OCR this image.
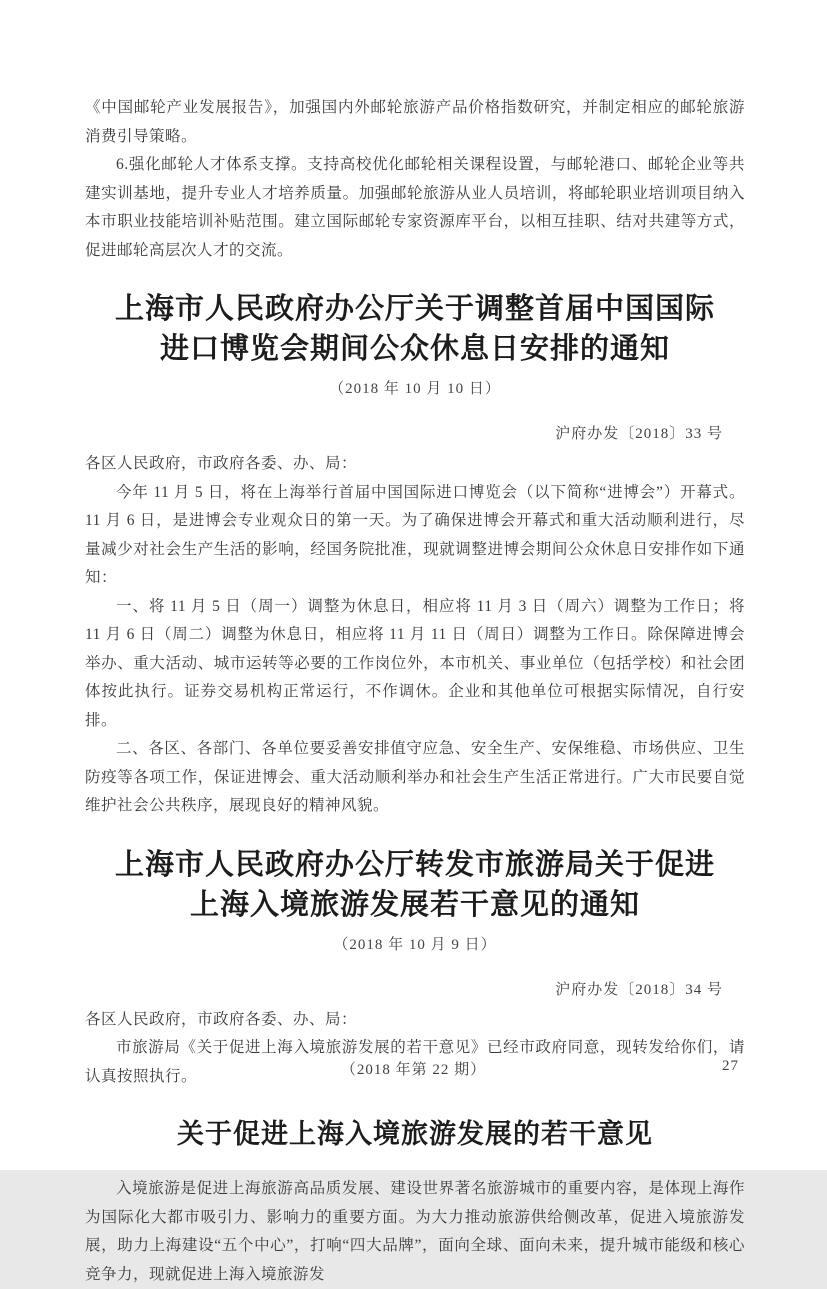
《中国邮轮产业发展报告》，加强国内外邮轮旅游产品价格指数研究，并制定相应的邮轮旅游消费引导策略。

6.强化邮轮人才体系支撑。支持高校优化邮轮相关课程设置，与邮轮港口、邮轮企业等共建实训基地，提升专业人才培养质量。加强邮轮旅游从业人员培训，将邮轮职业培训项目纳入本市职业技能培训补贴范围。建立国际邮轮专家资源库平台，以相互挂职、结对共建等方式，促进邮轮高层次人才的交流。

上海市人民政府办公厅关于调整首届中国国际
进口博览会期间公众休息日安排的通知

（2018 年 10 月 10 日）

沪府办发〔2018〕33 号

各区人民政府，市政府各委、办、局：

今年 11 月 5 日，将在上海举行首届中国国际进口博览会（以下简称“进博会”）开幕式。11 月 6 日，是进博会专业观众日的第一天。为了确保进博会开幕式和重大活动顺利进行，尽量减少对社会生产生活的影响，经国务院批准，现就调整进博会期间公众休息日安排作如下通知：

一、将 11 月 5 日（周一）调整为休息日，相应将 11 月 3 日（周六）调整为工作日；将 11 月 6 日（周二）调整为休息日，相应将 11 月 11 日（周日）调整为工作日。除保障进博会举办、重大活动、城市运转等必要的工作岗位外，本市机关、事业单位（包括学校）和社会团体按此执行。证券交易机构正常运行，不作调休。企业和其他单位可根据实际情况，自行安排。

二、各区、各部门、各单位要妥善安排值守应急、安全生产、安保维稳、市场供应、卫生防疫等各项工作，保证进博会、重大活动顺利举办和社会生产生活正常进行。广大市民要自觉维护社会公共秩序，展现良好的精神风貌。

上海市人民政府办公厅转发市旅游局关于促进
上海入境旅游发展若干意见的通知

（2018 年 10 月 9 日）

沪府办发〔2018〕34 号

各区人民政府，市政府各委、办、局：

市旅游局《关于促进上海入境旅游发展的若干意见》已经市政府同意，现转发给你们，请认真按照执行。

关于促进上海入境旅游发展的若干意见

入境旅游是促进上海旅游高品质发展、建设世界著名旅游城市的重要内容，是体现上海作为国际化大都市吸引力、影响力的重要方面。为大力推动旅游供给侧改革，促进入境旅游发展，助力上海建设“五个中心”，打响“四大品牌”，面向全球、面向未来，提升城市能级和核心竞争力，现就促进上海入境旅游发

（2018 年第 22 期）	27
